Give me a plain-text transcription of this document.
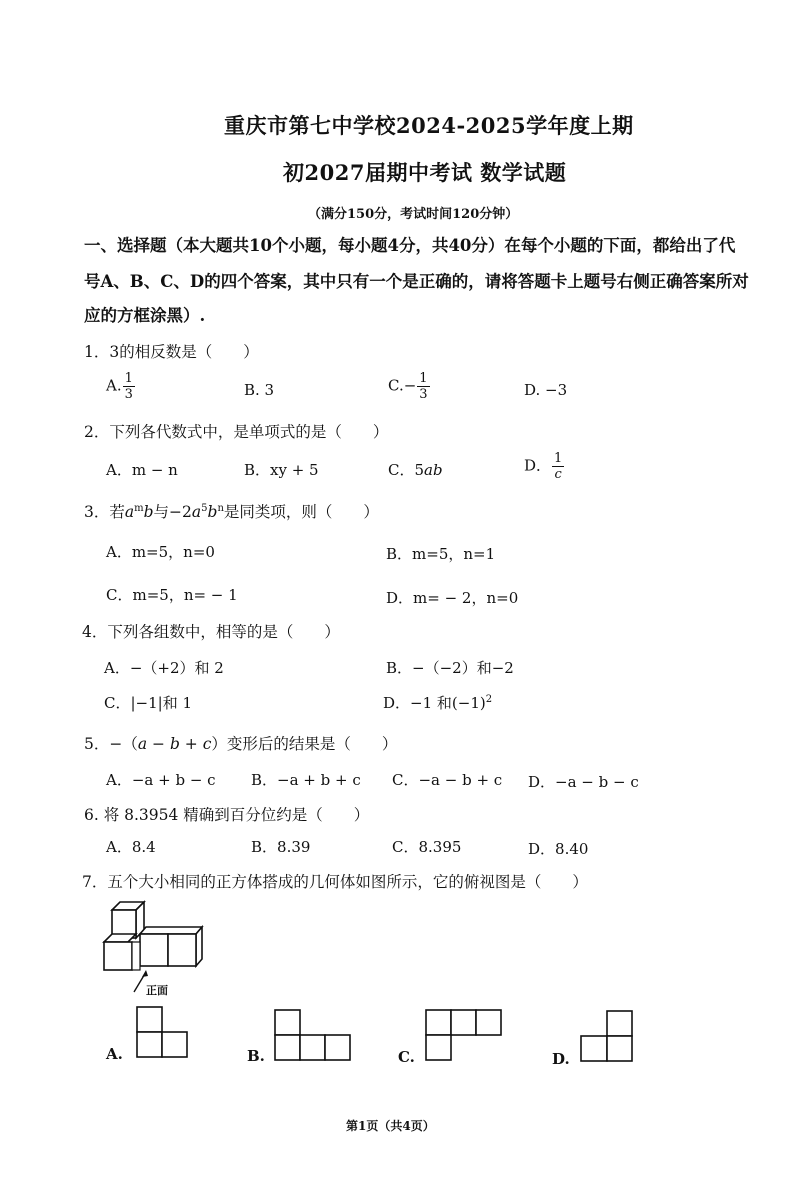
重庆市第七中学校2024-2025学年度上期
初2027届期中考试 数学试题
（满分150分，考试时间120分钟）
一、选择题（本大题共10个小题，每小题4分，共40分）在每个小题的下面，都给出了代
号A、B、C、D的四个答案，其中只有一个是正确的，请将答题卡上题号右侧正确答案所对
应的方框涂黑）.
1．3的相反数是（　　）
A. $\frac{1}{3}$	B. 3	$C.- \frac{1}{3}$	D. −3
2．下列各代数式中，是单项式的是（　　）
A．m − n	B．xy + 5	C．5ab	D． $\frac{1}{c}$
3．若$a^mb$与$-2a^5b^n$是同类项，则（　　）
A．m=5，n=0	B．m=5，n=1
C．m=5，n= − 1	D．m= − 2，n=0
4．下列各组数中，相等的是（　　）
A．−（+2）和 2	B．−（−2）和−2
C．|−1|和 1	D．−1 和$(-1)^2$
5．−（a − b + c）变形后的结果是（　　）
A．−a + b − c B．−a + b + c C．−a − b + c D．−a − b − c
6. 将 8.3954 精确到百分位约是（　　）
A．8.4	B．8.39	C．8.395	D．8.40
7．五个大小相同的正方体搭成的几何体如图所示，它的俯视图是（　　）
正面
A.	B.	C.	D.
第1页（共4页）
